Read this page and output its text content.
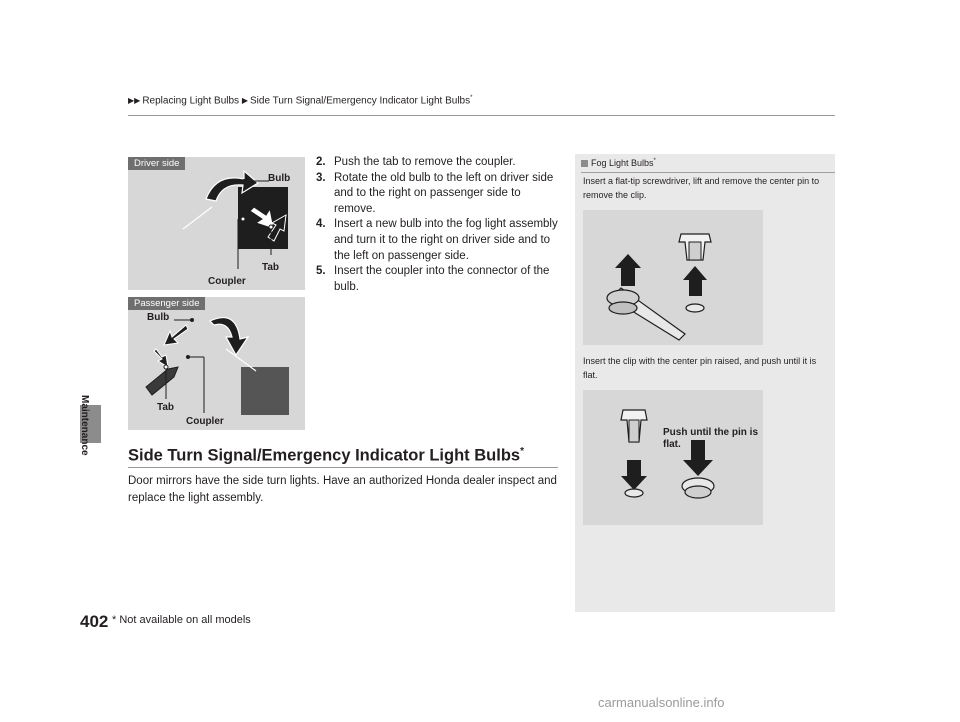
▶▶ Replacing Light Bulbs ▶ Side Turn Signal/Emergency Indicator Light Bulbs*
Maintenance
Driver side
Bulb
Tab
Coupler
Passenger side
Bulb
Tab
Coupler

2. Push the tab to remove the coupler.

3. Rotate the old bulb to the left on driver side and to the right on passenger side to remove.

4. Insert a new bulb into the fog light assembly and turn it to the right on driver side and to the left on passenger side.

5. Insert the coupler into the connector of the bulb.

Side Turn Signal/Emergency Indicator Light Bulbs*
Door mirrors have the side turn lights. Have an authorized Honda dealer inspect and replace the light assembly.
Fog Light Bulbs*
Insert a flat-tip screwdriver, lift and remove the center pin to remove the clip.
Insert the clip with the center pin raised, and push until it is flat.
Push until the pin is flat.
402 * Not available on all models
carmanualsonline.info
